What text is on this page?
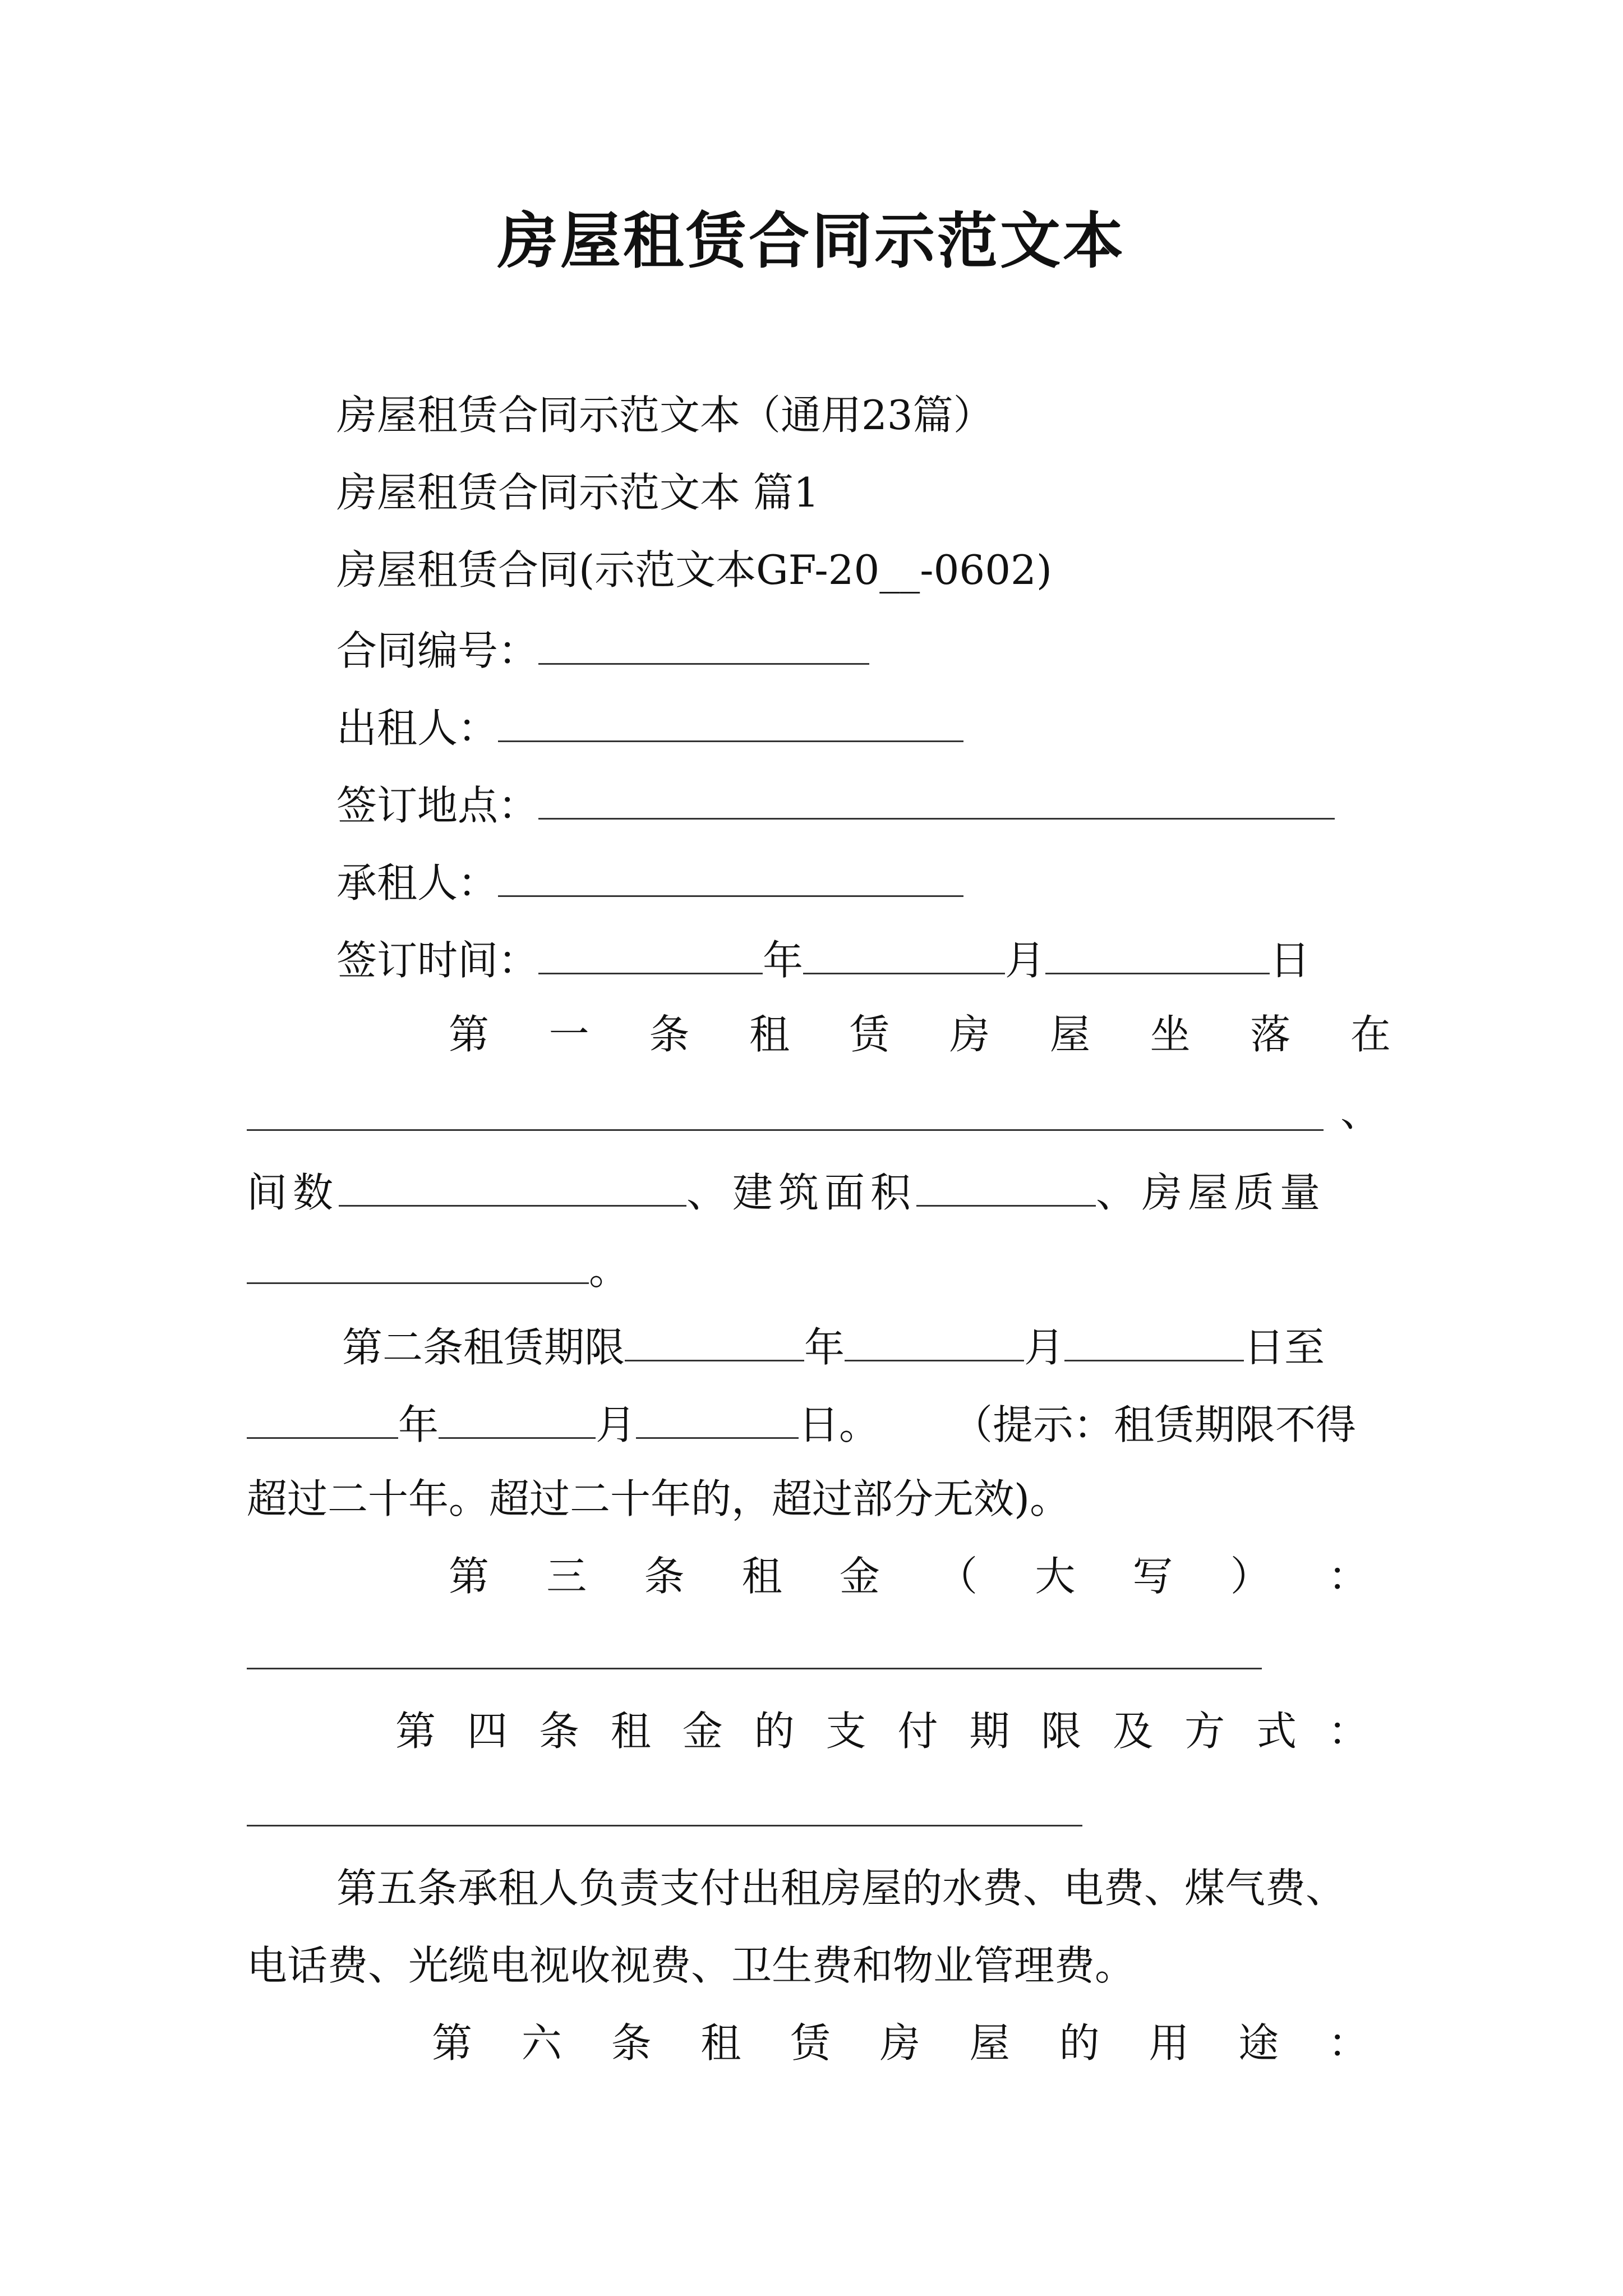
房屋租赁合同示范文本
房屋租赁合同示范文本（通用23篇）
房屋租赁合同示范文本 篇1
房屋租赁合同(示范文本GF-20__-0602)
合同编号：
出租人：
签订地点：
承租人：
签订时间：	年	月	日
第 一 条 租 赁 房 屋 坐 落 在
、
间数	、建筑面积	、房屋质量
。
第二条租赁期限	年	月	日至
年	月	日。 （提示：租赁期限不得
超过二十年。超过二十年的，超过部分无效)。
第 三 条 租 金 （ 大 写 ） ：
第 四 条 租 金 的 支 付 期 限 及 方 式 ：
第五条承租人负责支付出租房屋的水费、电费、煤气费、
电话费、光缆电视收视费、卫生费和物业管理费。
第 六 条 租 赁 房 屋 的 用 途 ：
